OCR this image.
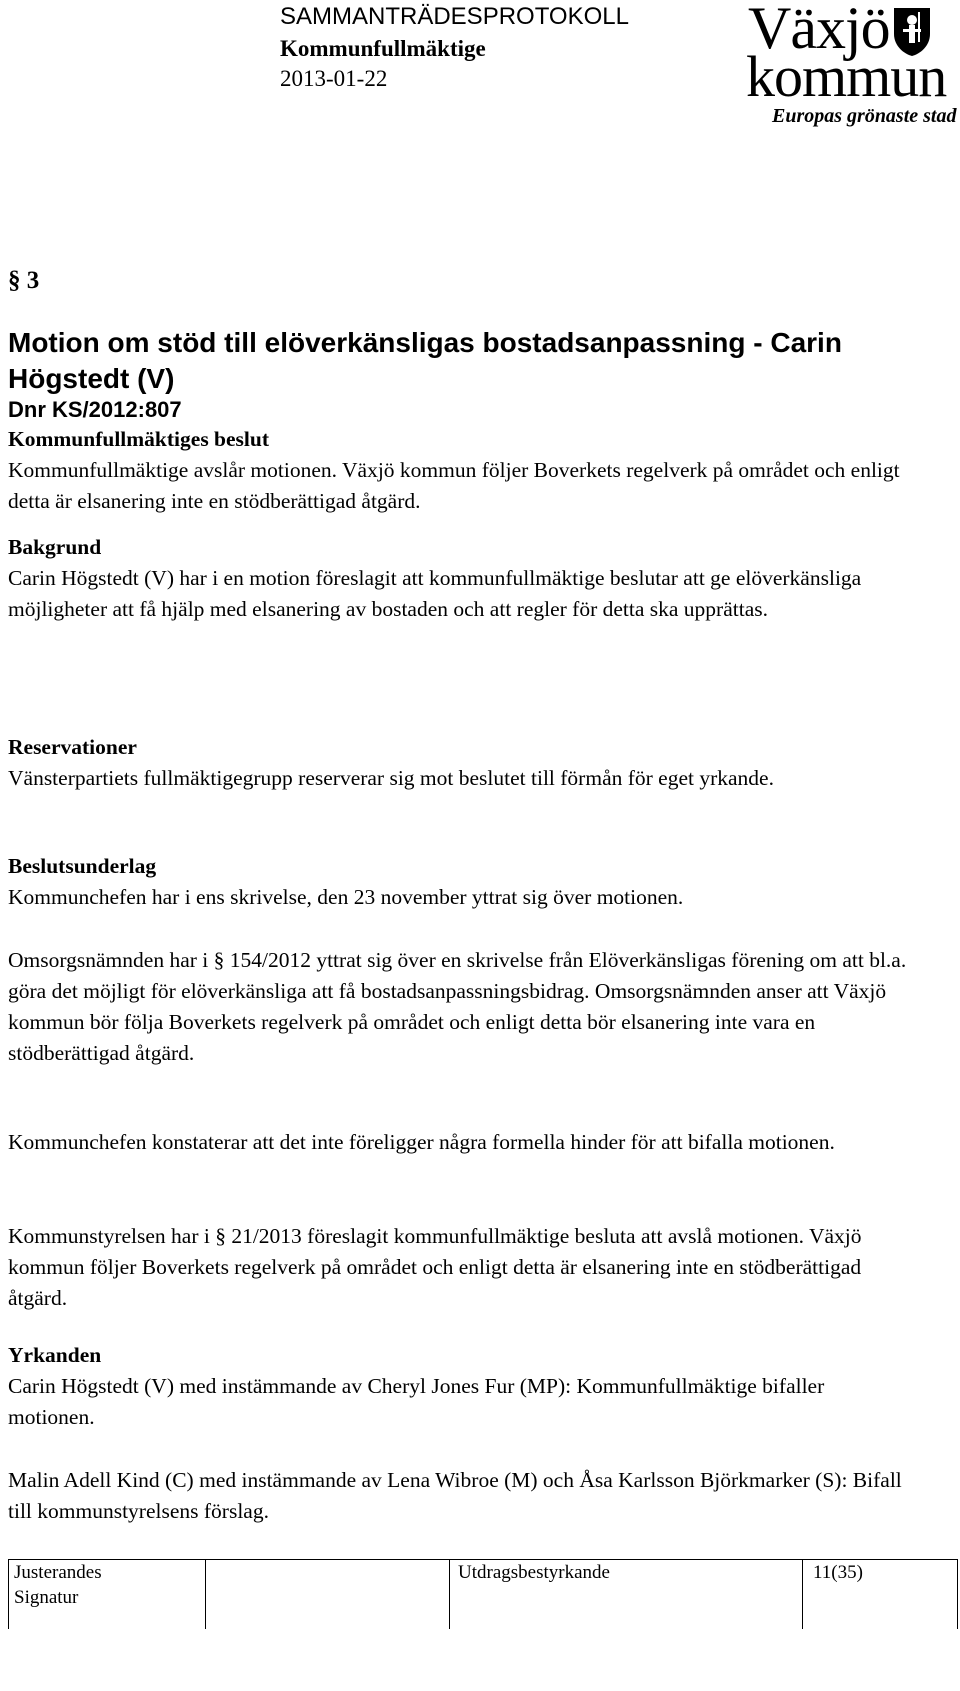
SAMMANTRÄDESPROTOKOLL
Kommunfullmäktige
2013-01-22
Växjö
kommun
Europas grönaste stad
§ 3
Motion om stöd till elöverkänsligas bostadsanpassning - Carin Högstedt (V)
Dnr KS/2012:807
Kommunfullmäktiges beslut

Kommunfullmäktige avslår motionen. Växjö kommun följer Boverkets regelverk på området och enligt detta är elsanering inte en stödberättigad åtgärd.

Bakgrund

Carin Högstedt (V) har i en motion föreslagit att kommunfullmäktige beslutar att ge elöverkänsliga möjligheter att få hjälp med elsanering av bostaden och att regler för detta ska upprättas.

Reservationer

Vänsterpartiets fullmäktigegrupp reserverar sig mot beslutet till förmån för eget yrkande.

Beslutsunderlag

Kommunchefen har i ens skrivelse, den 23 november yttrat sig över motionen.

Omsorgsnämnden har i § 154/2012 yttrat sig över en skrivelse från Elöverkänsligas förening om att bl.a. göra det möjligt för elöverkänsliga att få bostadsanpassningsbidrag. Omsorgsnämnden anser att Växjö kommun bör följa Boverkets regelverk på området och enligt detta bör elsanering inte vara en stödberättigad åtgärd.

Kommunchefen konstaterar att det inte föreligger några formella hinder för att bifalla motionen.

Kommunstyrelsen har i § 21/2013 föreslagit kommunfullmäktige besluta att avslå motionen. Växjö kommun följer Boverkets regelverk på området och enligt detta är elsanering inte en stödberättigad åtgärd.

Yrkanden

Carin Högstedt (V) med instämmande av Cheryl Jones Fur (MP): Kommunfullmäktige bifaller motionen.

Malin Adell Kind (C) med instämmande av Lena Wibroe (M) och Åsa Karlsson Björkmarker (S): Bifall till kommunstyrelsens förslag.

Justerandes
Signatur
Utdragsbestyrkande	11(35)
